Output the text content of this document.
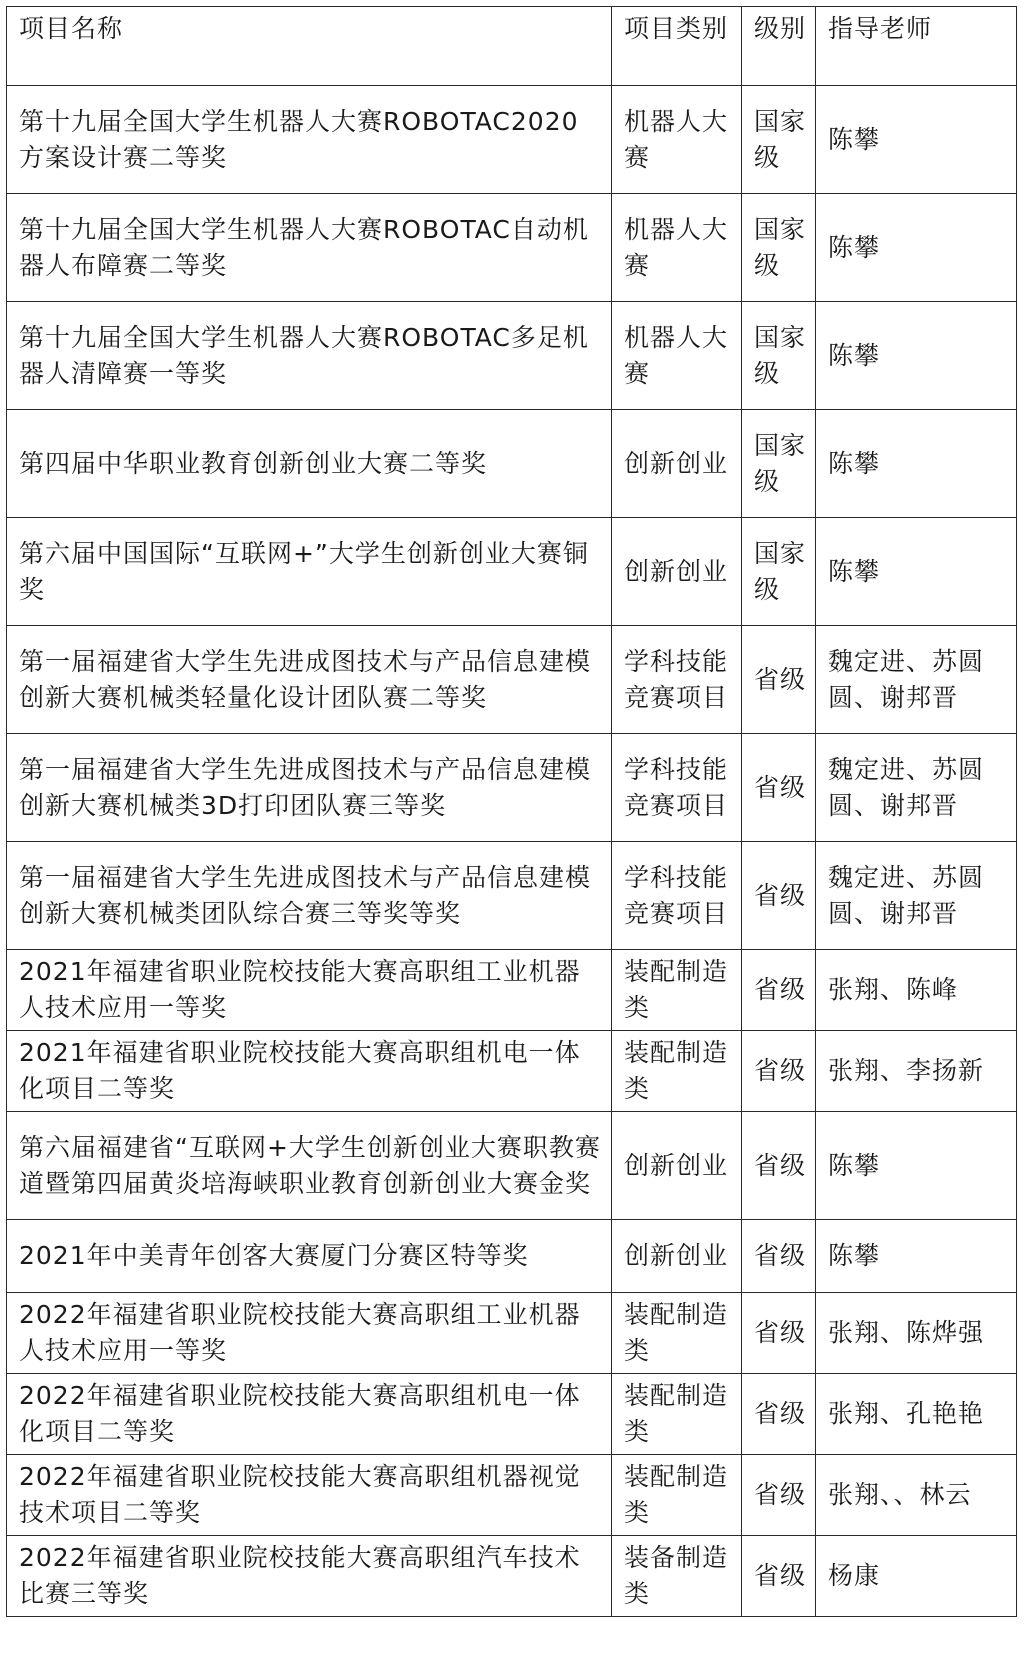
项目名称	项目类别	级别	指导老师
第十九届全国大学生机器人大赛ROBOTAC2020方案设计赛二等奖	机器人大赛	国家级	陈攀
第十九届全国大学生机器人大赛ROBOTAC自动机器人布障赛二等奖	机器人大赛	国家级	陈攀
第十九届全国大学生机器人大赛ROBOTAC多足机器人清障赛一等奖	机器人大赛	国家级	陈攀
第四届中华职业教育创新创业大赛二等奖	创新创业	国家级	陈攀
第六届中国国际“互联网+”大学生创新创业大赛铜奖	创新创业	国家级	陈攀
第一届福建省大学生先进成图技术与产品信息建模创新大赛机械类轻量化设计团队赛二等奖	学科技能竞赛项目	省级	魏定进、苏圆圆、谢邦晋
第一届福建省大学生先进成图技术与产品信息建模创新大赛机械类3D打印团队赛三等奖	学科技能竞赛项目	省级	魏定进、苏圆圆、谢邦晋
第一届福建省大学生先进成图技术与产品信息建模创新大赛机械类团队综合赛三等奖等奖	学科技能竞赛项目	省级	魏定进、苏圆圆、谢邦晋
2021年福建省职业院校技能大赛高职组工业机器人技术应用一等奖	装配制造类	省级	张翔、陈峰
2021年福建省职业院校技能大赛高职组机电一体化项目二等奖	装配制造类	省级	张翔、李扬新
第六届福建省“互联网+大学生创新创业大赛职教赛道暨第四届黄炎培海峡职业教育创新创业大赛金奖	创新创业	省级	陈攀
2021年中美青年创客大赛厦门分赛区特等奖	创新创业	省级	陈攀
2022年福建省职业院校技能大赛高职组工业机器人技术应用一等奖	装配制造类	省级	张翔、陈烨强
2022年福建省职业院校技能大赛高职组机电一体化项目二等奖	装配制造类	省级	张翔、孔艳艳
2022年福建省职业院校技能大赛高职组机器视觉技术项目二等奖	装配制造类	省级	张翔、、林云
2022年福建省职业院校技能大赛高职组汽车技术比赛三等奖	装备制造类	省级	杨康
